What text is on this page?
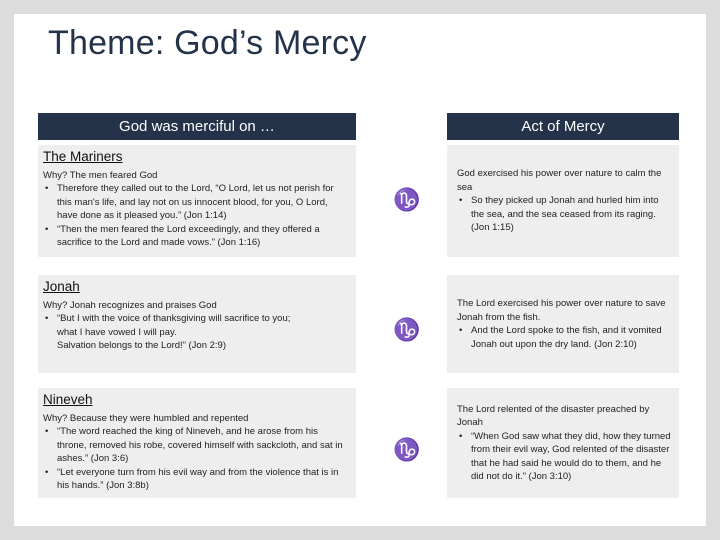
Theme: God’s Mercy
God was merciful on …	Act of Mercy
The Mariners
Why? The men feared God
• Therefore they called out to the Lord, “O Lord, let us not perish for this man's life, and lay not on us innocent blood, for you, O Lord, have done as it pleased you.” (Jon 1:14)
• “Then the men feared the Lord exceedingly, and they offered a sacrifice to the Lord and made vows.” (Jon 1:16)
♑
God exercised his power over nature to calm the sea
• So they picked up Jonah and hurled him into the sea, and the sea ceased from its raging. (Jon 1:15)
Jonah
Why? Jonah recognizes and praises God
• “But I with the voice of thanksgiving will sacrifice to you;
what I have vowed I will pay.
Salvation belongs to the Lord!” (Jon 2:9)
♑
The Lord exercised his power over nature to save Jonah from the fish.
• And the Lord spoke to the fish, and it vomited Jonah out upon the dry land. (Jon 2:10)
Nineveh
Why? Because they were humbled and repented
• “The word reached the king of Nineveh, and he arose from his throne, removed his robe, covered himself with sackcloth, and sat in ashes.” (Jon 3:6)
• “Let everyone turn from his evil way and from the violence that is in his hands.” (Jon 3:8b)
♑
The Lord relented of the disaster preached by Jonah
• “When God saw what they did, how they turned from their evil way, God relented of the disaster that he had said he would do to them, and he did not do it.” (Jon 3:10)
